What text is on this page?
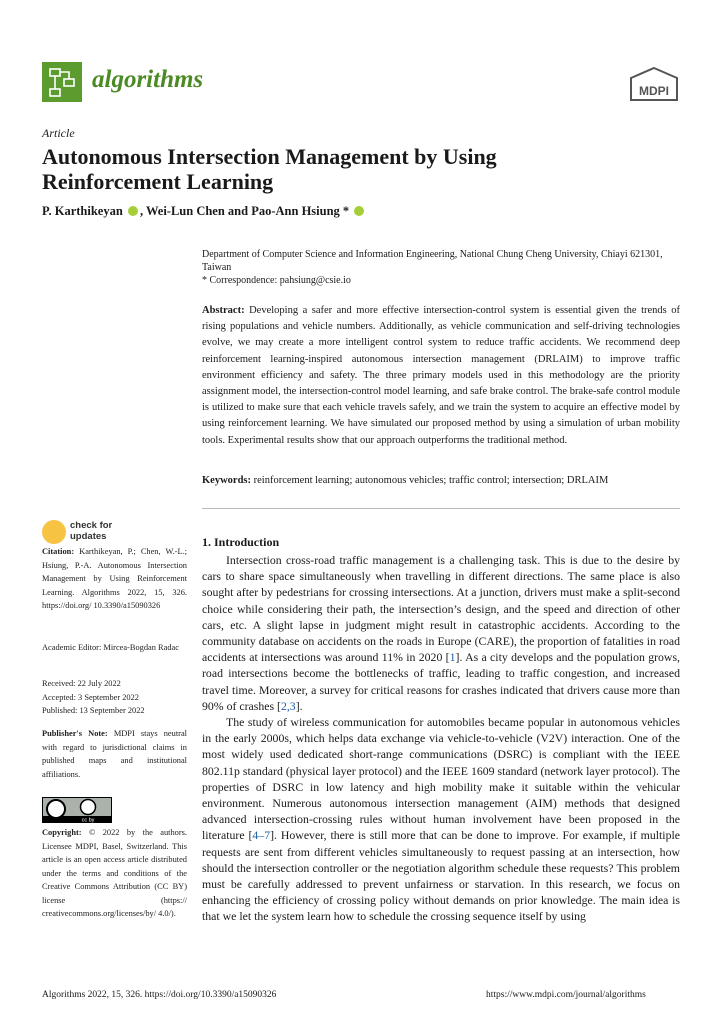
algorithms	MDPI
Article
Autonomous Intersection Management by Using Reinforcement Learning
P. Karthikeyan , Wei-Lun Chen and Pao-Ann Hsiung *
Department of Computer Science and Information Engineering, National Chung Cheng University, Chiayi 621301, Taiwan
* Correspondence: pahsiung@csie.io
Abstract: Developing a safer and more effective intersection-control system is essential given the trends of rising populations and vehicle numbers. Additionally, as vehicle communication and self-driving technologies evolve, we may create a more intelligent control system to reduce traffic accidents. We recommend deep reinforcement learning-inspired autonomous intersection management (DRLAIM) to improve traffic environment efficiency and safety. The three primary models used in this methodology are the priority assignment model, the intersection-control model learning, and safe brake control. The brake-safe control module is utilized to make sure that each vehicle travels safely, and we train the system to acquire an effective model by using reinforcement learning. We have simulated our proposed method by using a simulation of urban mobility tools. Experimental results show that our approach outperforms the traditional method.
Keywords: reinforcement learning; autonomous vehicles; traffic control; intersection; DRLAIM
check for updates
Citation: Karthikeyan, P.; Chen, W.-L.; Hsiung, P.-A. Autonomous Intersection Management by Using Reinforcement Learning. Algorithms 2022, 15, 326. https://doi.org/ 10.3390/a15090326
Academic Editor: Mircea-Bogdan Radac
Received: 22 July 2022
Accepted: 3 September 2022
Published: 13 September 2022
Publisher's Note: MDPI stays neutral with regard to jurisdictional claims in published maps and institutional affiliations.
cc by
Copyright: © 2022 by the authors. Licensee MDPI, Basel, Switzerland. This article is an open access article distributed under the terms and conditions of the Creative Commons Attribution (CC BY) license (https:// creativecommons.org/licenses/by/ 4.0/).
1. Introduction

Intersection cross-road traffic management is a challenging task. This is due to the desire by cars to share space simultaneously when travelling in different directions. The same place is also sought after by pedestrians for crossing intersections. At a junction, drivers must make a split-second choice while considering their path, the intersection’s design, and the speed and direction of other cars, etc. A slight lapse in judgment might result in catastrophic accidents. According to the community database on accidents on the roads in Europe (CARE), the proportion of fatalities in road accidents at intersections was around 11% in 2020 [1]. As a city develops and the population grows, road intersections become the bottlenecks of traffic, leading to traffic congestion, and increased travel time. Moreover, a survey for critical reasons for crashes indicated that drivers cause more than 90% of crashes [2,3].

The study of wireless communication for automobiles became popular in autonomous vehicles in the early 2000s, which helps data exchange via vehicle-to-vehicle (V2V) interaction. One of the most widely used dedicated short-range communications (DSRC) is compliant with the IEEE 802.11p standard (physical layer protocol) and the IEEE 1609 standard (network layer protocol). The properties of DSRC in low latency and high mobility make it suitable within the vehicular environment. Numerous autonomous intersection management (AIM) methods that designed advanced intersection-crossing rules without human involvement have been proposed in the literature [4–7]. However, there is still more that can be done to improve. For example, if multiple requests are sent from different vehicles simultaneously to request passing at an intersection, how should the intersection controller or the negotiation algorithm schedule these requests? This problem must be carefully addressed to prevent unfairness or starvation. In this research, we focus on enhancing the efficiency of crossing policy without demands on prior knowledge. The main idea is that we let the system learn how to schedule the crossing sequence itself by using

Algorithms 2022, 15, 326. https://doi.org/10.3390/a15090326	https://www.mdpi.com/journal/algorithms
